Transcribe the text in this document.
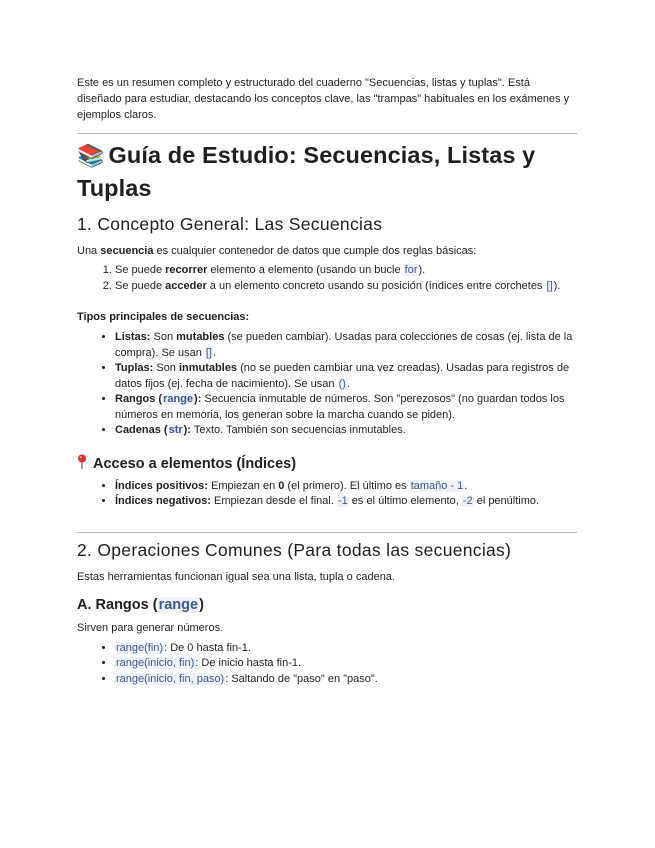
Este es un resumen completo y estructurado del cuaderno "Secuencias, listas y tuplas". Está diseñado para estudiar, destacando los conceptos clave, las "trampas" habituales en los exámenes y ejemplos claros.

📚 Guía de Estudio: Secuencias, Listas y Tuplas
1. Concepto General: Las Secuencias

Una secuencia es cualquier contenedor de datos que cumple dos reglas básicas:

1. Se puede recorrer elemento a elemento (usando un bucle for).
2. Se puede acceder a un elemento concreto usando su posición (índices entre corchetes []).
Tipos principales de secuencias:
• Listas: Son mutables (se pueden cambiar). Usadas para colecciones de cosas (ej. lista de la compra). Se usan [].
• Tuplas: Son inmutables (no se pueden cambiar una vez creadas). Usadas para registros de datos fijos (ej. fecha de nacimiento). Se usan ().
• Rangos (range): Secuencia inmutable de números. Son "perezosos" (no guardan todos los números en memoria, los generan sobre la marcha cuando se piden).
• Cadenas (str): Texto. También son secuencias inmutables.
Acceso a elementos (Índices)
• Índices positivos: Empiezan en 0 (el primero). El último es tamaño - 1.
• Índices negativos: Empiezan desde el final. -1 es el último elemento, -2 el penúltimo.
2. Operaciones Comunes (Para todas las secuencias)

Estas herramientas funcionan igual sea una lista, tupla o cadena.

A. Rangos (range)

Sirven para generar números.

• range(fin): De 0 hasta fin-1.
• range(inicio, fin): De inicio hasta fin-1.
• range(inicio, fin, paso): Saltando de "paso" en "paso".
